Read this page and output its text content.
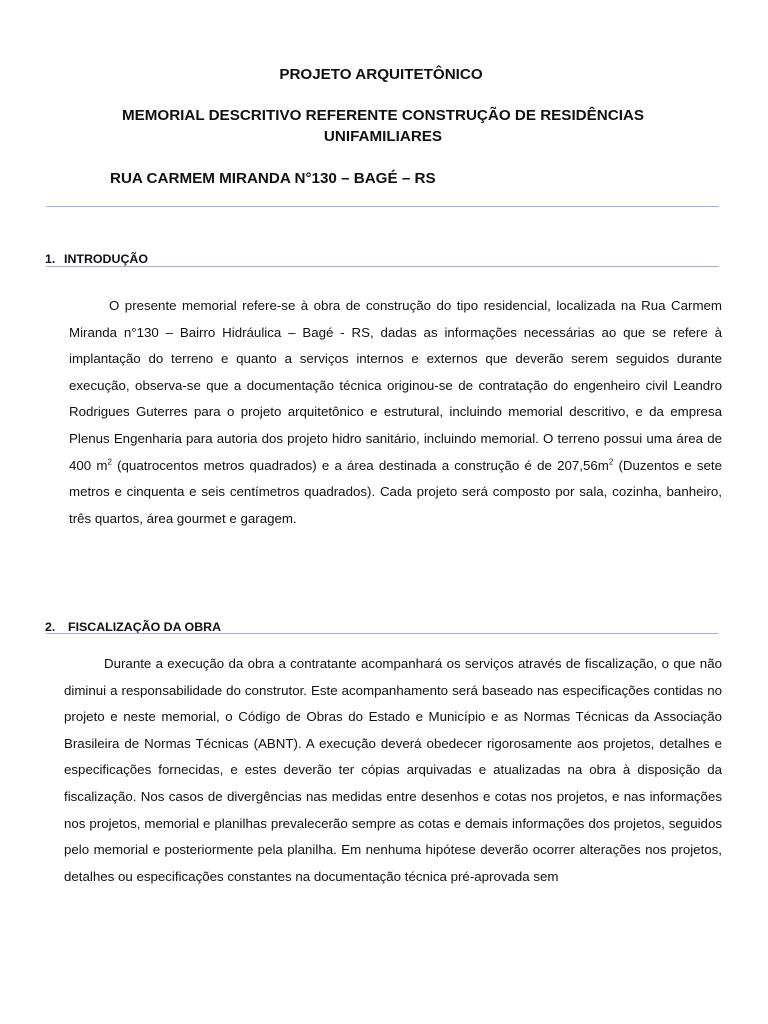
PROJETO ARQUITETÔNICO
MEMORIAL DESCRITIVO REFERENTE CONSTRUÇÃO DE RESIDÊNCIAS
UNIFAMILIARES
RUA CARMEM MIRANDA N°130 – BAGÉ – RS
1. INTRODUÇÃO

O presente memorial refere-se à obra de construção do tipo residencial, localizada na Rua Carmem Miranda n°130 – Bairro Hidráulica – Bagé - RS, dadas as informações necessárias ao que se refere à implantação do terreno e quanto a serviços internos e externos que deverão serem seguidos durante execução, observa-se que a documentação técnica originou-se de contratação do engenheiro civil Leandro Rodrigues Guterres para o projeto arquitetônico e estrutural, incluindo memorial descritivo, e da empresa Plenus Engenharia para autoria dos projeto hidro sanitário, incluindo memorial. O terreno possui uma área de 400 $m^2$ (quatrocentos metros quadrados) e a área destinada a construção é de $207,56m^2$ (Duzentos e sete metros e cinquenta e seis centímetros quadrados). Cada projeto será composto por sala, cozinha, banheiro, três quartos, área gourmet e garagem.

2. FISCALIZAÇÃO DA OBRA

Durante a execução da obra a contratante acompanhará os serviços através de fiscalização, o que não diminui a responsabilidade do construtor. Este acompanhamento será baseado nas especificações contidas no projeto e neste memorial, o Código de Obras do Estado e Município e as Normas Técnicas da Associação Brasileira de Normas Técnicas (ABNT). A execução deverá obedecer rigorosamente aos projetos, detalhes e especificações fornecidas, e estes deverão ter cópias arquivadas e atualizadas na obra à disposição da fiscalização. Nos casos de divergências nas medidas entre desenhos e cotas nos projetos, e nas informações nos projetos, memorial e planilhas prevalecerão sempre as cotas e demais informações dos projetos, seguidos pelo memorial e posteriormente pela planilha. Em nenhuma hipótese deverão ocorrer alterações nos projetos, detalhes ou especificações constantes na documentação técnica pré-aprovada sem
